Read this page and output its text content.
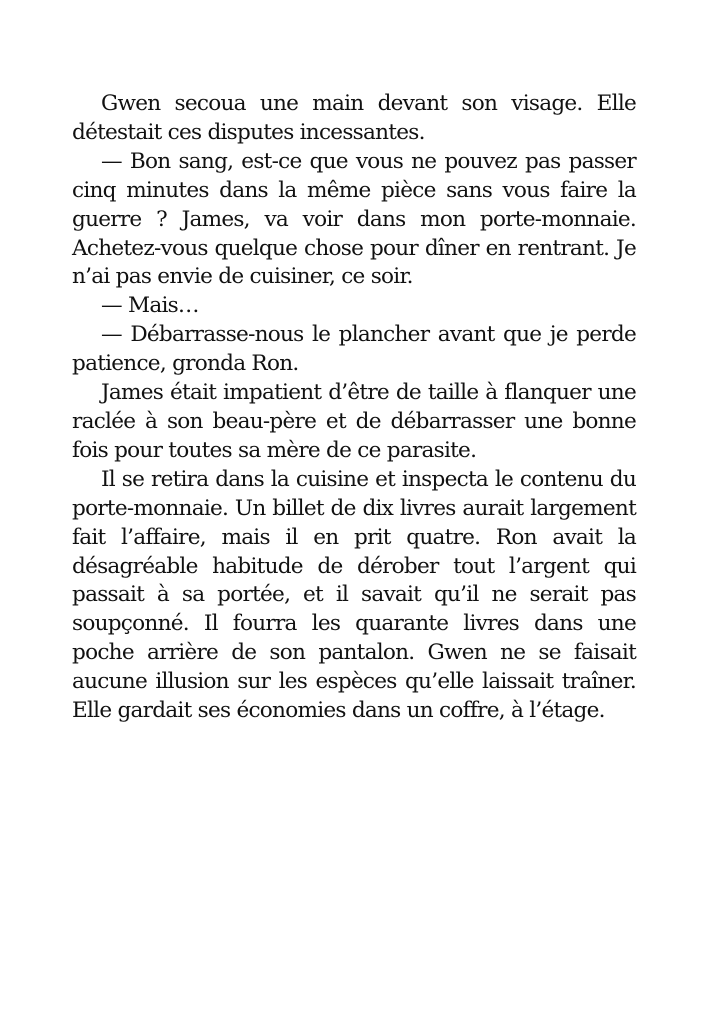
Gwen secoua une main devant son visage. Elle détestait ces disputes incessantes.

— Bon sang, est-ce que vous ne pouvez pas passer cinq minutes dans la même pièce sans vous faire la guerre ? James, va voir dans mon porte-monnaie. Achetez-vous quelque chose pour dîner en rentrant. Je n’ai pas envie de cuisiner, ce soir.

— Mais…

— Débarrasse-nous le plancher avant que je perde patience, gronda Ron.

James était impatient d’être de taille à flanquer une raclée à son beau-père et de débarrasser une bonne fois pour toutes sa mère de ce parasite.

Il se retira dans la cuisine et inspecta le contenu du porte-monnaie. Un billet de dix livres aurait largement fait l’affaire, mais il en prit quatre. Ron avait la désagréable habitude de dérober tout l’argent qui passait à sa portée, et il savait qu’il ne serait pas soupçonné. Il fourra les quarante livres dans une poche arrière de son pantalon. Gwen ne se faisait aucune illusion sur les espèces qu’elle laissait traîner. Elle gardait ses économies dans un coffre, à l’étage.
